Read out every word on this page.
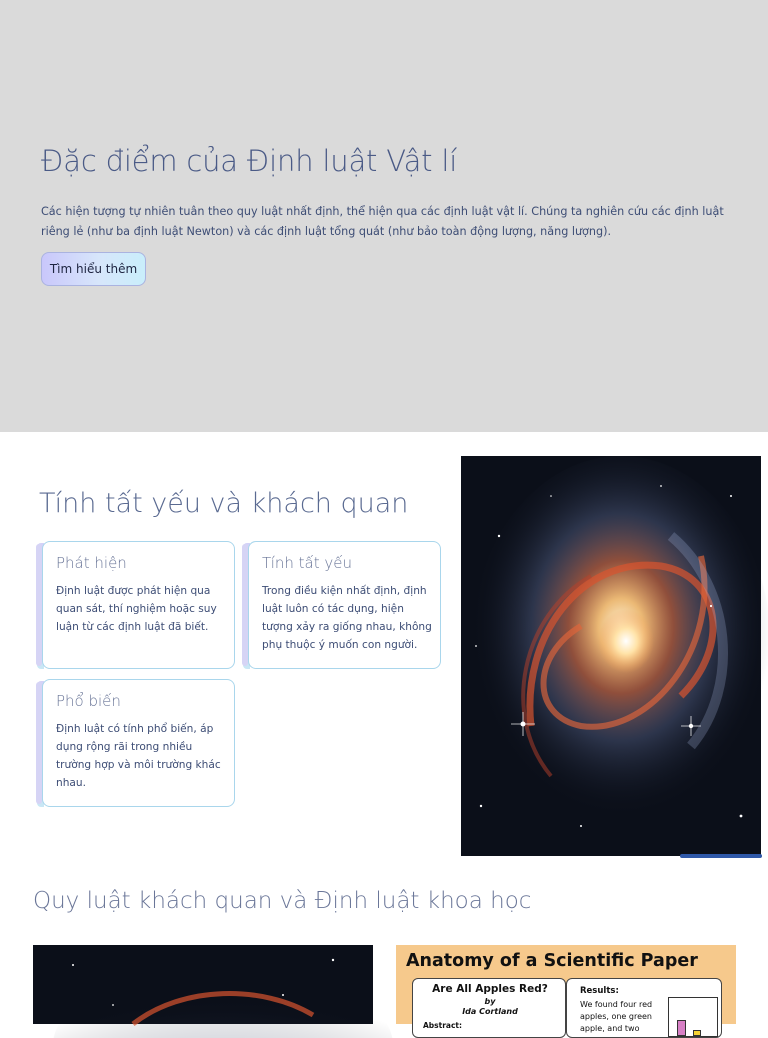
Đặc điểm của Định luật Vật lí

Các hiện tượng tự nhiên tuân theo quy luật nhất định, thể hiện qua các định luật vật lí. Chúng ta nghiên cứu các định luật riêng lẻ (như ba định luật Newton) và các định luật tổng quát (như bảo toàn động lượng, năng lượng).

Tìm hiểu thêm
Tính tất yếu và khách quan
Phát hiện
Định luật được phát hiện qua quan sát, thí nghiệm hoặc suy luận từ các định luật đã biết.
Tính tất yếu
Trong điều kiện nhất định, định luật luôn có tác dụng, hiện tượng xảy ra giống nhau, không phụ thuộc ý muốn con người.
Phổ biến
Định luật có tính phổ biến, áp dụng rộng rãi trong nhiều trường hợp và môi trường khác nhau.
Quy luật khách quan và Định luật khoa học
Anatomy of a Scientific Paper
Are All Apples Red?
by
Ida Cortland
Abstract:
Results:
We found four red apples, one green apple, and two
